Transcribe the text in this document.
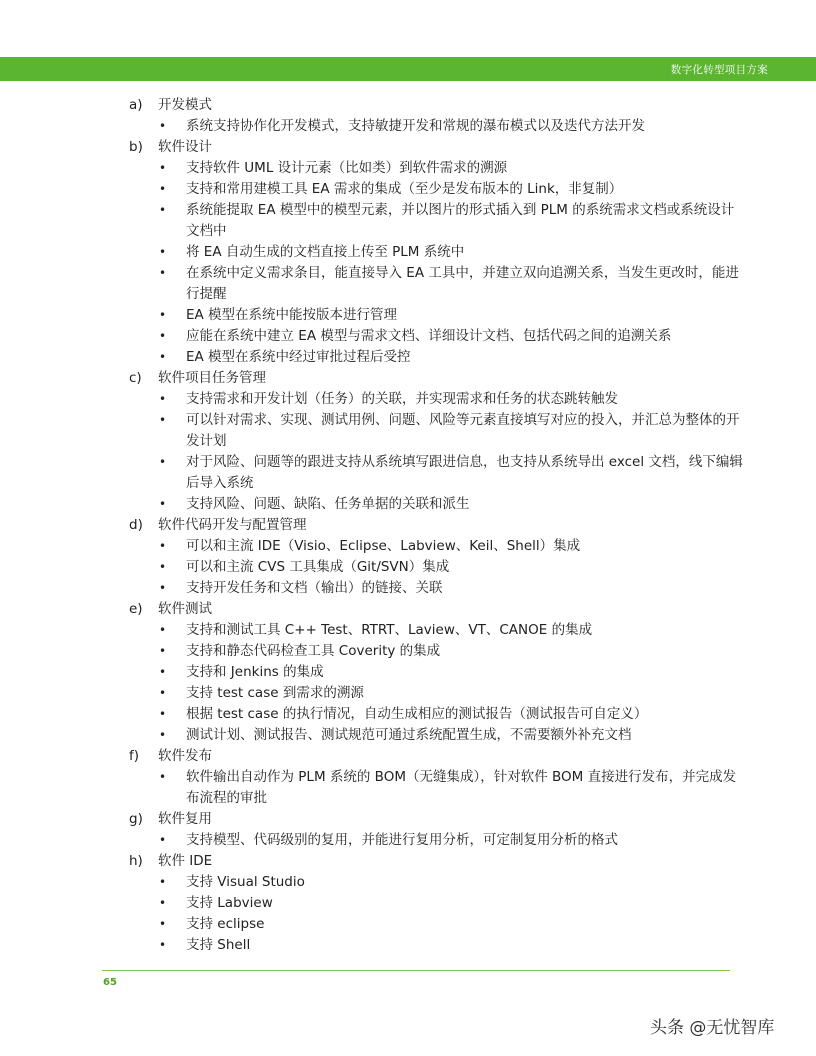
数字化转型项目方案
a) 开发模式
• 系统支持协作化开发模式，支持敏捷开发和常规的瀑布模式以及迭代方法开发
b) 软件设计
• 支持软件 UML 设计元素（比如类）到软件需求的溯源
• 支持和常用建模工具 EA 需求的集成（至少是发布版本的 Link，非复制）
• 系统能提取 EA 模型中的模型元素，并以图片的形式插入到 PLM 的系统需求文档或系统设计文档中
• 将 EA 自动生成的文档直接上传至 PLM 系统中
• 在系统中定义需求条目，能直接导入 EA 工具中，并建立双向追溯关系，当发生更改时，能进行提醒
• EA 模型在系统中能按版本进行管理
• 应能在系统中建立 EA 模型与需求文档、详细设计文档、包括代码之间的追溯关系
• EA 模型在系统中经过审批过程后受控
c) 软件项目任务管理
• 支持需求和开发计划（任务）的关联，并实现需求和任务的状态跳转触发
• 可以针对需求、实现、测试用例、问题、风险等元素直接填写对应的投入，并汇总为整体的开发计划
• 对于风险、问题等的跟进支持从系统填写跟进信息，也支持从系统导出 excel 文档，线下编辑后导入系统
• 支持风险、问题、缺陷、任务单据的关联和派生
d) 软件代码开发与配置管理
• 可以和主流 IDE（Visio、Eclipse、Labview、Keil、Shell）集成
• 可以和主流 CVS 工具集成（Git/SVN）集成
• 支持开发任务和文档（输出）的链接、关联
e) 软件测试
• 支持和测试工具 C++ Test、RTRT、Laview、VT、CANOE 的集成
• 支持和静态代码检查工具 Coverity 的集成
• 支持和 Jenkins 的集成
• 支持 test case 到需求的溯源
• 根据 test case 的执行情况，自动生成相应的测试报告（测试报告可自定义）
• 测试计划、测试报告、测试规范可通过系统配置生成，不需要额外补充文档
f) 软件发布
• 软件输出自动作为 PLM 系统的 BOM（无缝集成），针对软件 BOM 直接进行发布，并完成发布流程的审批
g) 软件复用
• 支持模型、代码级别的复用，并能进行复用分析，可定制复用分析的格式
h) 软件 IDE
• 支持 Visual Studio
• 支持 Labview
• 支持 eclipse
• 支持 Shell
65
头条 @无忧智库
